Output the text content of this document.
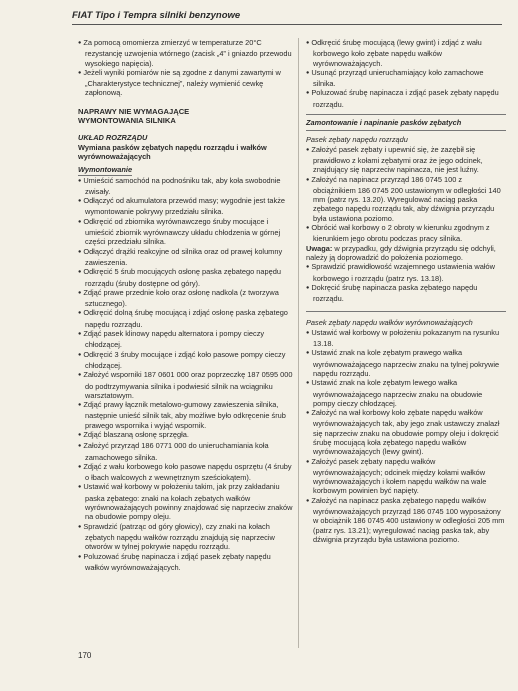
FIAT Tipo i Tempra silniki benzynowe

● Za pomocą omomierza zmierzyć w temperaturze 20°C rezystancję uzwojenia wtórnego (zacisk „4” i gniazdo przewodu wysokiego napięcia).

● Jeżeli wyniki pomiarów nie są zgodne z danymi zawartymi w „Charakterystyce technicznej”, należy wymienić cewkę zapłonową.

NAPRAWY NIE WYMAGAJĄCE
WYMONTOWANIA SILNIKA

UKŁAD ROZRZĄDU

Wymiana pasków zębatych napędu rozrządu i wałków wyrównoważających

Wymontowanie

● Umieścić samochód na podnośniku tak, aby koła swobodnie zwisały.

● Odłączyć od akumulatora przewód masy; wygodnie jest także wymontowanie pokrywy przedziału silnika.

● Odkręcić od zbiornika wyrównawczego śruby mocujące i umieścić zbiornik wyrównawczy układu chłodzenia w górnej części przedziału silnika.

● Odłączyć drążki reakcyjne od silnika oraz od prawej kolumny zawieszenia.

● Odkręcić 5 śrub mocujących osłonę paska zębatego napędu rozrządu (śruby dostępne od góry).

● Zdjąć prawe przednie koło oraz osłonę nadkola (z tworzywa sztucznego).

● Odkręcić dolną śrubę mocującą i zdjąć osłonę paska zębatego napędu rozrządu.

● Zdjąć pasek klinowy napędu alternatora i pompy cieczy chłodzącej.

● Odkręcić 3 śruby mocujące i zdjąć koło pasowe pompy cieczy chłodzącej.

● Założyć wsporniki 187 0601 000 oraz poprzeczkę 187 0595 000 do podtrzymywania silnika i podwiesić silnik na wciągniku warsztatowym.

● Zdjąć prawy łącznik metalowo-gumowy zawieszenia silnika, następnie unieść silnik tak, aby możliwe było odkręcenie śrub prawego wspornika i wyjąć wspornik.

● Zdjąć blaszaną osłonę sprzęgła.

● Założyć przyrząd 186 0771 000 do unieruchamiania koła zamachowego silnika.

● Zdjąć z wału korbowego koło pasowe napędu osprzętu (4 śruby o łbach walcowych z wewnętrznym sześciokątem).

● Ustawić wał korbowy w położeniu takim, jak przy zakładaniu paska zębatego: znaki na kołach zębatych wałków wyrównoważających powinny znajdować się naprzeciw znaków na obudowie pompy oleju.

● Sprawdzić (patrząc od góry głowicy), czy znaki na kołach zębatych napędu wałków rozrządu znajdują się naprzeciw otworów w tylnej pokrywie napędu rozrządu.

● Poluzować śrubę napinacza i zdjąć pasek zębaty napędu wałków wyrównoważających.

● Odkręcić śrubę mocującą (lewy gwint) i zdjąć z wału korbowego koło zębate napędu wałków wyrównoważających.

● Usunąć przyrząd unieruchamiający koło zamachowe silnika.

● Poluzować śrubę napinacza i zdjąć pasek zębaty napędu rozrządu.

Zamontowanie i napinanie pasków zębatych

Pasek zębaty napędu rozrządu

● Założyć pasek zębaty i upewnić się, że zazębił się prawidłowo z kołami zębatymi oraz że jego odcinek, znajdujący się naprzeciw napinacza, nie jest luźny.

● Założyć na napinacz przyrząd 186 0745 100 z obciążnikiem 186 0745 200 ustawionym w odległości 140 mm (patrz rys. 13.20). Wyregulować naciąg paska zębatego napędu rozrządu tak, aby dźwignia przyrządu była ustawiona poziomo.

● Obrócić wał korbowy o 2 obroty w kierunku zgodnym z kierunkiem jego obrotu podczas pracy silnika.

Uwaga: w przypadku, gdy dźwignia przyrządu się odchyli, należy ją doprowadzić do położenia poziomego.

● Sprawdzić prawidłowość wzajemnego ustawienia wałów korbowego i rozrządu (patrz rys. 13.18).

● Dokręcić śrubę napinacza paska zębatego napędu rozrządu.

Pasek zębaty napędu wałków wyrównoważających

● Ustawić wał korbowy w położeniu pokazanym na rysunku 13.18.

● Ustawić znak na kole zębatym prawego wałka wyrównoważającego naprzeciw znaku na tylnej pokrywie napędu rozrządu.

● Ustawić znak na kole zębatym lewego wałka wyrównoważającego naprzeciw znaku na obudowie pompy cieczy chłodzącej.

● Założyć na wał korbowy koło zębate napędu wałków wyrównoważających tak, aby jego znak ustawczy znalazł się naprzeciw znaku na obudowie pompy oleju i dokręcić śrubę mocującą koła zębatego napędu wałków wyrównoważających (lewy gwint).

● Założyć pasek zębaty napędu wałków wyrównoważających; odcinek między kołami wałków wyrównoważających i kołem napędu wałków na wale korbowym powinien być napięty.

● Założyć na napinacz paska zębatego napędu wałków wyrównoważających przyrząd 186 0745 100 wyposażony w obciążnik 186 0745 400 ustawiony w odległości 205 mm (patrz rys. 13.21); wyregulować naciąg paska tak, aby dźwignia przyrządu była ustawiona poziomo.

170
